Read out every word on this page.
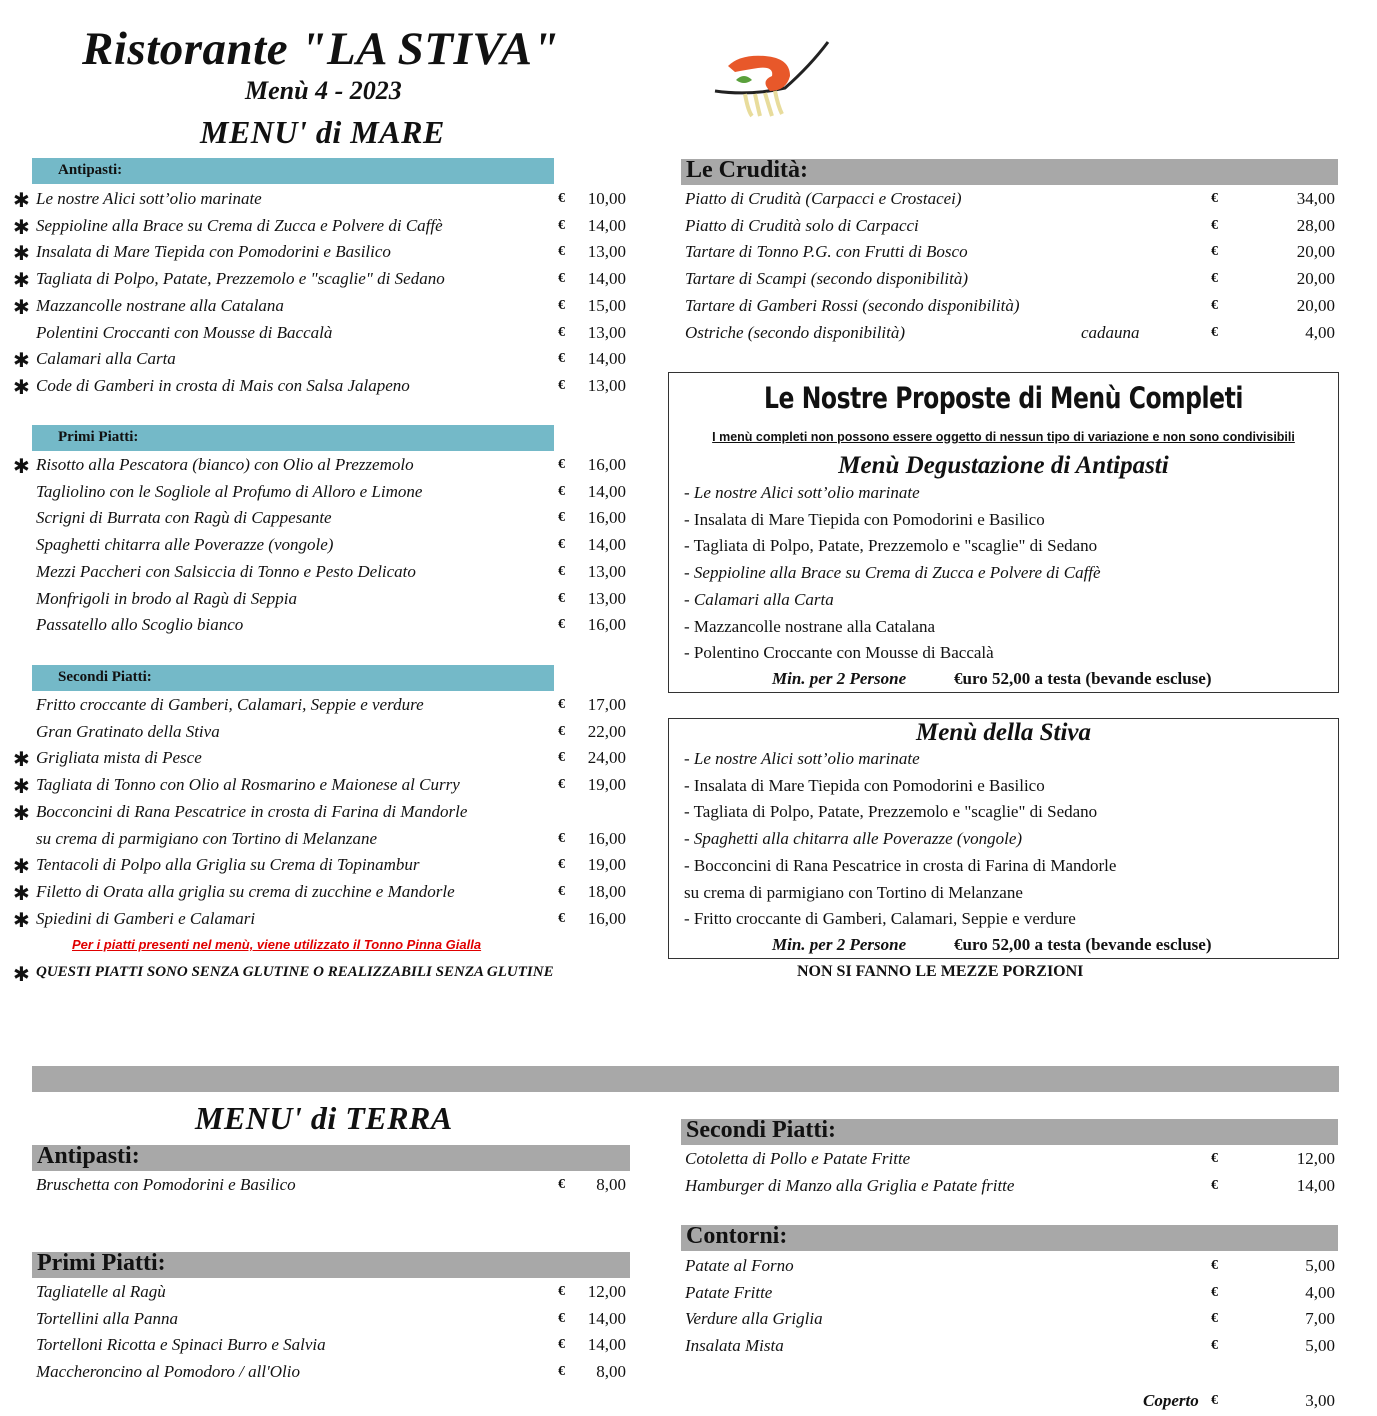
Ristorante "LA STIVA"
Menù 4 - 2023
MENU' di MARE
Antipasti:
✱ Le nostre Alici sott’olio marinate	€	10,00
✱ Seppioline alla Brace su Crema di Zucca e Polvere di Caffè	€	14,00
✱ Insalata di Mare Tiepida con Pomodorini e Basilico	€	13,00
✱ Tagliata di Polpo, Patate, Prezzemolo e "scaglie" di Sedano	€	14,00
✱ Mazzancolle nostrane alla Catalana	€	15,00
Polentini Croccanti con Mousse di Baccalà	€	13,00
✱ Calamari alla Carta	€	14,00
✱ Code di Gamberi in crosta di Mais con Salsa Jalapeno	€	13,00
Primi Piatti:
✱ Risotto alla Pescatora (bianco) con Olio al Prezzemolo	€	16,00
Tagliolino con le Sogliole al Profumo di Alloro e Limone	€	14,00
Scrigni di Burrata con Ragù di Cappesante	€	16,00
Spaghetti chitarra alle Poverazze (vongole)	€	14,00
Mezzi Paccheri con Salsiccia di Tonno e Pesto Delicato	€	13,00
Monfrigoli in brodo al Ragù di Seppia	€	13,00
Passatello allo Scoglio bianco	€	16,00
Secondi Piatti:
Fritto croccante di Gamberi, Calamari, Seppie e verdure	€	17,00
Gran Gratinato della Stiva	€	22,00
✱ Grigliata mista di Pesce	€	24,00
✱ Tagliata di Tonno con Olio al Rosmarino e Maionese al Curry	€	19,00
✱ Bocconcini di Rana Pescatrice in crosta di Farina di Mandorle
su crema di parmigiano con Tortino di Melanzane	€	16,00
✱ Tentacoli di Polpo alla Griglia su Crema di Topinambur	€	19,00
✱ Filetto di Orata alla griglia su crema di zucchine e Mandorle	€	18,00
✱ Spiedini di Gamberi e Calamari	€	16,00
Per i piatti presenti nel menù, viene utilizzato il Tonno Pinna Gialla
✱ QUESTI PIATTI SONO SENZA GLUTINE O REALIZZABILI SENZA GLUTINE
Le Crudità:
Piatto di Crudità (Carpacci e Crostacei)	€	34,00
Piatto di Crudità solo di Carpacci	€	28,00
Tartare di Tonno P.G. con Frutti di Bosco	€	20,00
Tartare di Scampi (secondo disponibilità)	€	20,00
Tartare di Gamberi Rossi (secondo disponibilità)	€	20,00
Ostriche (secondo disponibilità)	cadauna	€	4,00
Le Nostre Proposte di Menù Completi
I menù completi non possono essere oggetto di nessun tipo di variazione e non sono condivisibili
Menù Degustazione di Antipasti
- Le nostre Alici sott’olio marinate
- Insalata di Mare Tiepida con Pomodorini e Basilico
- Tagliata di Polpo, Patate, Prezzemolo e "scaglie" di Sedano
- Seppioline alla Brace su Crema di Zucca e Polvere di Caffè
- Calamari alla Carta
- Mazzancolle nostrane alla Catalana
- Polentino Croccante con Mousse di Baccalà
Min. per 2 Persone	€uro 52,00 a testa (bevande escluse)
Menù della Stiva
- Le nostre Alici sott’olio marinate
- Insalata di Mare Tiepida con Pomodorini e Basilico
- Tagliata di Polpo, Patate, Prezzemolo e "scaglie" di Sedano
- Spaghetti alla chitarra alle Poverazze (vongole)
- Bocconcini di Rana Pescatrice in crosta di Farina di Mandorle
su crema di parmigiano con Tortino di Melanzane
- Fritto croccante di Gamberi, Calamari, Seppie e verdure
Min. per 2 Persone	€uro 52,00 a testa (bevande escluse)
NON SI FANNO LE MEZZE PORZIONI
MENU' di TERRA
Antipasti:
Bruschetta con Pomodorini e Basilico	€	8,00
Primi Piatti:
Tagliatelle al Ragù	€	12,00
Tortellini alla Panna	€	14,00
Tortelloni Ricotta e Spinaci Burro e Salvia	€	14,00
Maccheroncino al Pomodoro / all'Olio	€	8,00
Secondi Piatti:
Cotoletta di Pollo e Patate Fritte	€	12,00
Hamburger di Manzo alla Griglia e Patate fritte	€	14,00
Contorni:
Patate al Forno	€	5,00
Patate Fritte	€	4,00
Verdure alla Griglia	€	7,00
Insalata Mista	€	5,00
Coperto €	3,00
